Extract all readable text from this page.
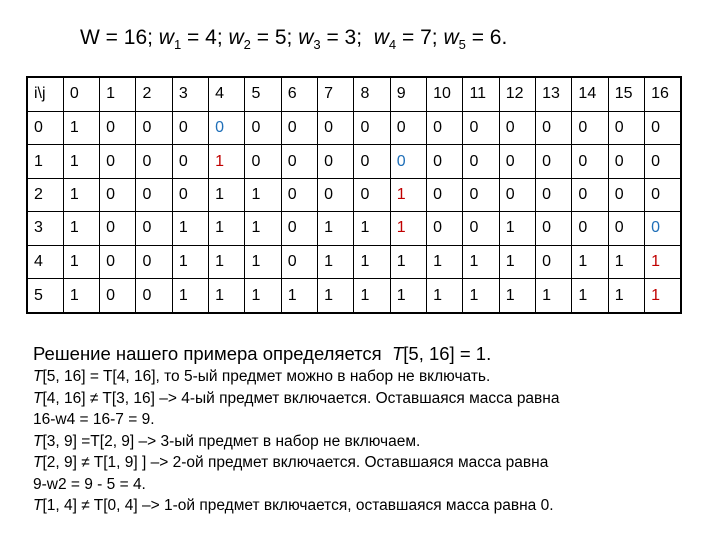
W = 16; $w_1 = 4$; $w_2 = 5$; $w_3 = 3$;  $w_4 = 7$; $w_5 = 6$.
i\j	0	1	2	3	4	5	6	7	8	9	10	11	12	13	14	15	16
0	1	0	0	0	0	0	0	0	0	0	0	0	0	0	0	0	0
1	1	0	0	0	1	0	0	0	0	0	0	0	0	0	0	0	0
2	1	0	0	0	1	1	0	0	0	1	0	0	0	0	0	0	0
3	1	0	0	1	1	1	0	1	1	1	0	0	1	0	0	0	0
4	1	0	0	1	1	1	0	1	1	1	1	1	1	0	1	1	1
5	1	0	0	1	1	1	1	1	1	1	1	1	1	1	1	1	1
Решение нашего примера определяется T[5, 16] = 1.
T[5, 16] = T[4, 16], то 5-ый предмет можно в набор не включать.
T[4, 16] ≠ T[3, 16] –> 4-ый предмет включается. Оставшаяся масса равна
16-w4 = 16-7 = 9.
T[3, 9] =T[2, 9] –> 3-ый предмет в набор не включаем.
T[2, 9] ≠ T[1, 9] ] –> 2-ой предмет включается. Оставшаяся масса равна
9-w2 = 9 - 5 = 4.
T[1, 4] ≠ T[0, 4] –> 1-ой предмет включается, оставшаяся масса равна 0.
